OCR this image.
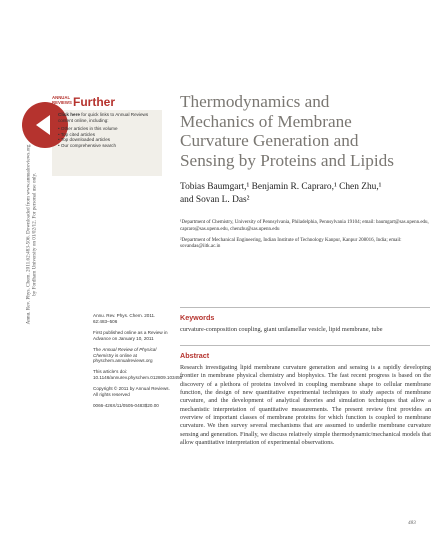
Annu. Rev. Phys. Chem. 2011.62:483-506. Downloaded from www.annualreviews.org by Fordham University on 01/02/12. For personal use only.
ANNUAL
REVIEWS Further
Click here for quick links to Annual Reviews content online, including:
• Other articles in this volume
• Top cited articles
• Top downloaded articles
• Our comprehensive search
Thermodynamics and
Mechanics of Membrane
Curvature Generation and
Sensing by Proteins and Lipids
Tobias Baumgart,¹ Benjamin R. Capraro,¹ Chen Zhu,¹
and Sovan L. Das²

¹Department of Chemistry, University of Pennsylvania, Philadelphia, Pennsylvania 19104; email: baumgart@sas.upenn.edu, capraro@sas.upenn.edu, chenzhu@sas.upenn.edu

²Department of Mechanical Engineering, Indian Institute of Technology Kanpur, Kanpur 208016, India; email: sovandas@iitk.ac.in

Annu. Rev. Phys. Chem. 2011. 62:483–506

First published online as a Review in Advance on January 10, 2011

The Annual Review of Physical Chemistry is online at physchem.annualreviews.org

This article’s doi:
10.1146/annurev.physchem.012809.103450

Copyright © 2011 by Annual Reviews. All rights reserved

0066-426X/11/0505-0483$20.00

Keywords
curvature-composition coupling, giant unilamellar vesicle, lipid membrane, tube
Abstract
Research investigating lipid membrane curvature generation and sensing is a rapidly developing frontier in membrane physical chemistry and biophysics. The fast recent progress is based on the discovery of a plethora of proteins involved in coupling membrane shape to cellular membrane function, the design of new quantitative experimental techniques to study aspects of membrane curvature, and the development of analytical theories and simulation techniques that allow a mechanistic interpretation of quantitative measurements. The present review first provides an overview of important classes of membrane proteins for which function is coupled to membrane curvature. We then survey several mechanisms that are assumed to underlie membrane curvature sensing and generation. Finally, we discuss relatively simple thermodynamic/mechanical models that allow quantitative interpretation of experimental observations.
483
